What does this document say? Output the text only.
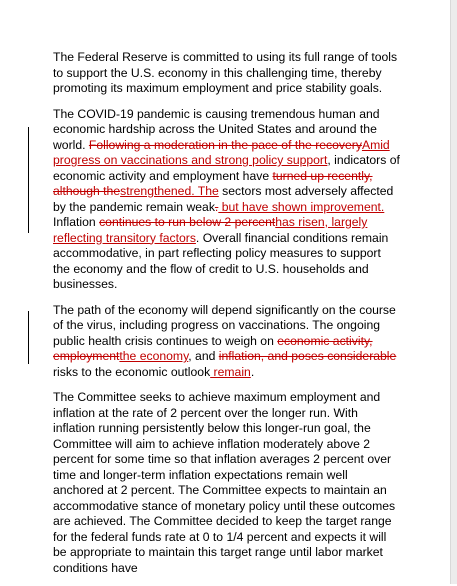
The Federal Reserve is committed to using its full range of tools to support the U.S. economy in this challenging time, thereby promoting its maximum employment and price stability goals.

The COVID-19 pandemic is causing tremendous human and economic hardship across the United States and around the world. Following a moderation in the pace of the recoveryAmid progress on vaccinations and strong policy support, indicators of economic activity and employment have turned up recently, although thestrengthened. The sectors most adversely affected by the pandemic remain weak. but have shown improvement. Inflation continues to run below 2 percenthas risen, largely reflecting transitory factors. Overall financial conditions remain accommodative, in part reflecting policy measures to support the economy and the flow of credit to U.S. households and businesses.

The path of the economy will depend significantly on the course of the virus, including progress on vaccinations. The ongoing public health crisis continues to weigh on economic activity, employmentthe economy, and inflation, and poses considerable risks to the economic outlook remain.

The Committee seeks to achieve maximum employment and inflation at the rate of 2 percent over the longer run. With inflation running persistently below this longer-run goal, the Committee will aim to achieve inflation moderately above 2 percent for some time so that inflation averages 2 percent over time and longer-term inflation expectations remain well anchored at 2 percent. The Committee expects to maintain an accommodative stance of monetary policy until these outcomes are achieved. The Committee decided to keep the target range for the federal funds rate at 0 to 1/4 percent and expects it will be appropriate to maintain this target range until labor market conditions have
